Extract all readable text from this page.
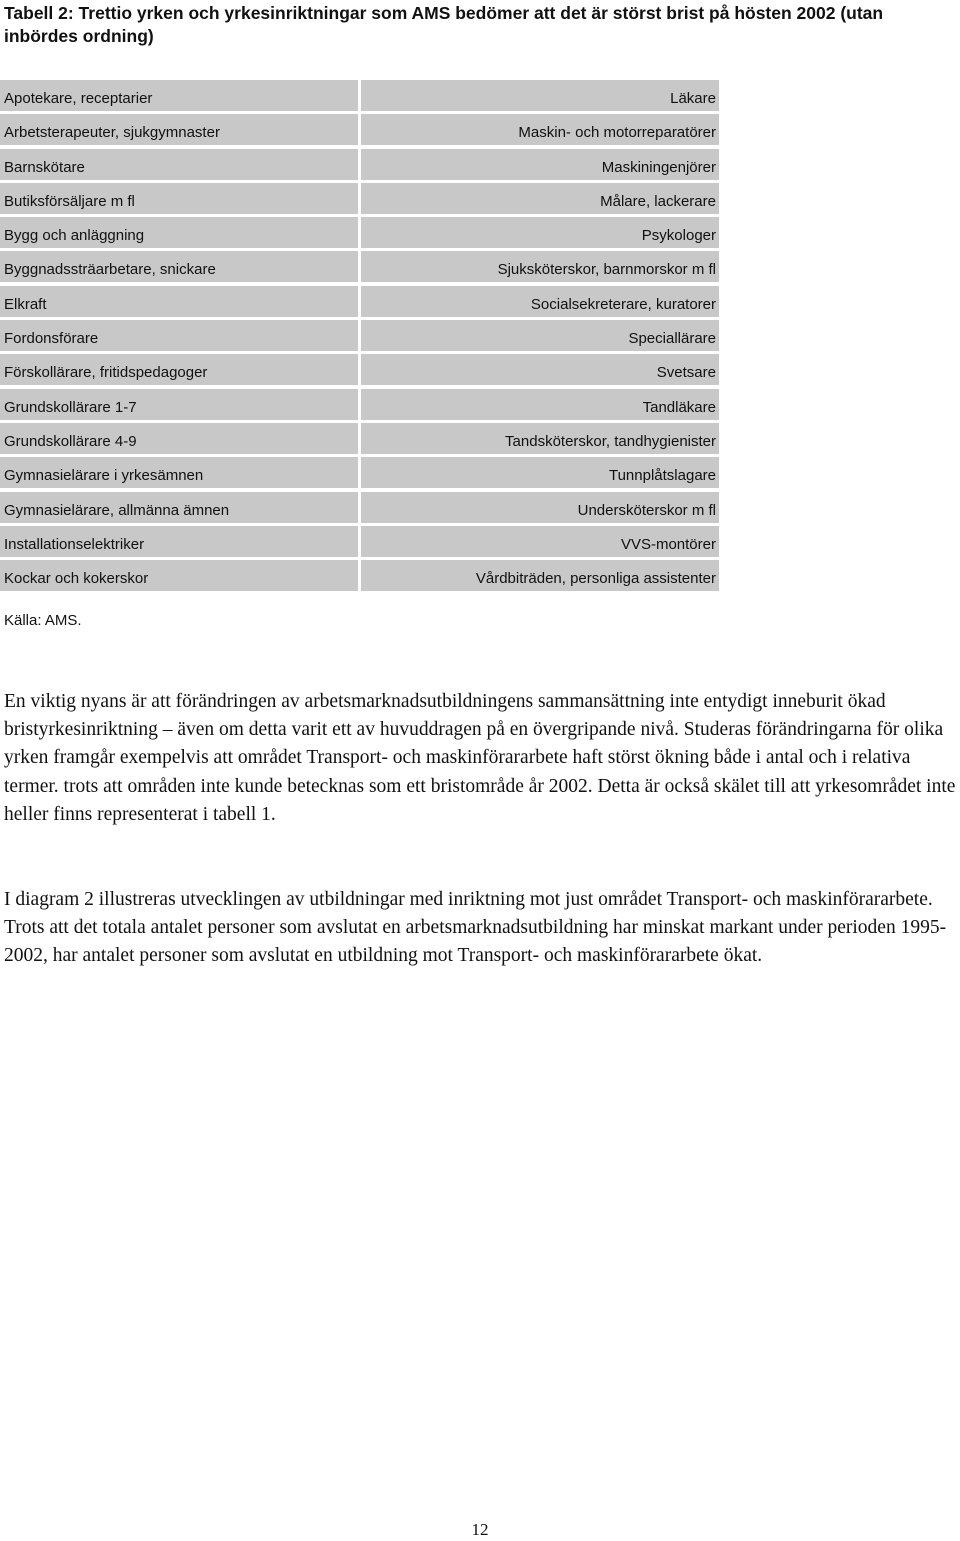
Tabell 2: Trettio yrken och yrkesinriktningar som AMS bedömer att det är störst brist på hösten 2002 (utan inbördes ordning)
Apotekare, receptarier
Arbetsterapeuter, sjukgymnaster
Barnskötare
Butiksförsäljare m fl
Bygg och anläggning
Byggnadssträarbetare, snickare
Elkraft
Fordonsförare
Förskollärare, fritidspedagoger
Grundskollärare 1-7
Grundskollärare 4-9
Gymnasielärare i yrkesämnen
Gymnasielärare, allmänna ämnen
Installationselektriker
Kockar och kokerskor
Läkare
Maskin- och motorreparatörer
Maskiningenjörer
Målare, lackerare
Psykologer
Sjuksköterskor, barnmorskor m fl
Socialsekreterare, kuratorer
Speciallärare
Svetsare
Tandläkare
Tandsköterskor, tandhygienister
Tunnplåtslagare
Undersköterskor m fl
VVS-montörer
Vårdbiträden, personliga assistenter

Källa: AMS.

En viktig nyans är att förändringen av arbetsmarknadsutbildningens sammansättning inte entydigt inneburit ökad bristyrkesinriktning – även om detta varit ett av huvuddragen på en övergripande nivå. Studeras förändringarna för olika yrken framgår exempelvis att området Transport- och maskinförararbete haft störst ökning både i antal och i relativa termer. trots att områden inte kunde betecknas som ett bristområde år 2002. Detta är också skälet till att yrkesområdet inte heller finns representerat i tabell 1.

I diagram 2 illustreras utvecklingen av utbildningar med inriktning mot just området Transport- och maskinförararbete. Trots att det totala antalet personer som avslutat en arbetsmarknadsutbildning har minskat markant under perioden 1995-2002, har antalet personer som avslutat en utbildning mot Transport- och maskinförararbete ökat.

12
